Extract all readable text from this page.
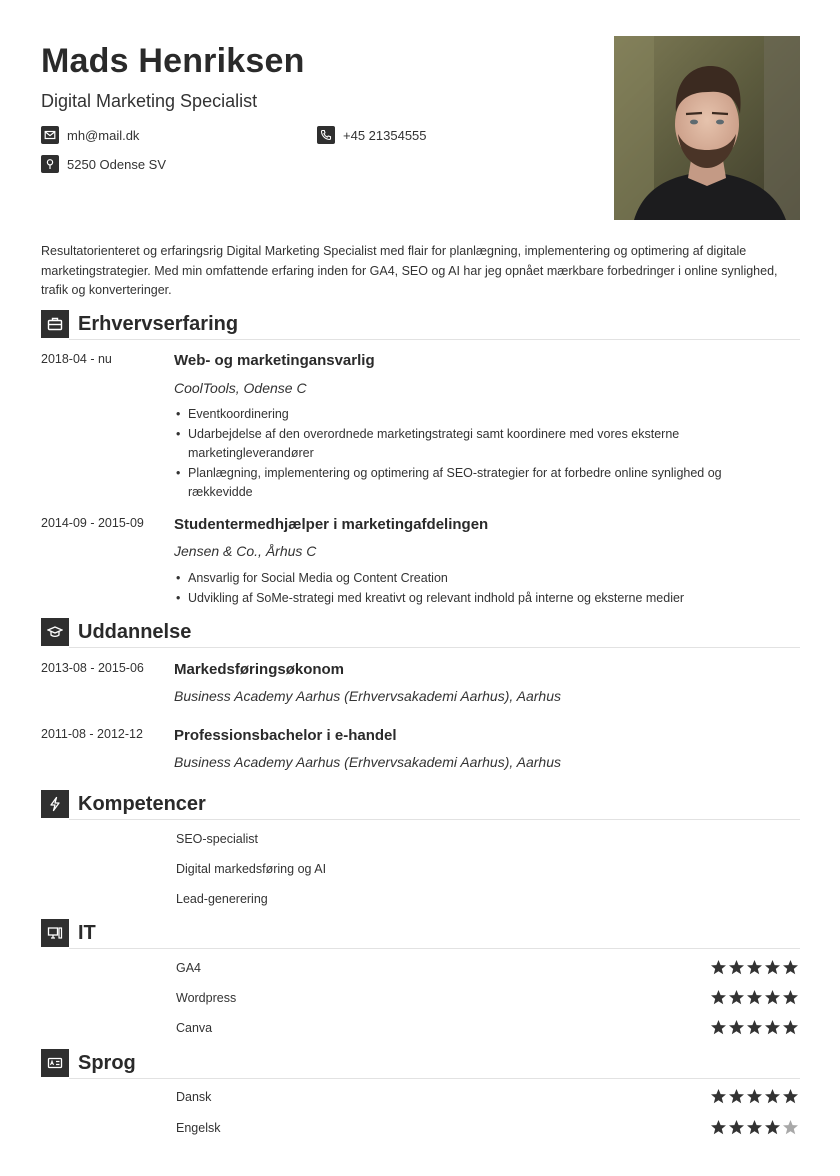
Mads Henriksen
Digital Marketing Specialist
mh@mail.dk	+45 21354555
5250 Odense SV
Resultatorienteret og erfaringsrig Digital Marketing Specialist med flair for planlægning, implementering og optimering af digitale marketingstrategier. Med min omfattende erfaring inden for GA4, SEO og AI har jeg opnået mærkbare forbedringer i online synlighed, trafik og konverteringer.
Erhvervserfaring
2018-04 - nu	Web- og marketingansvarlig
CoolTools, Odense C
• Eventkoordinering
• Udarbejdelse af den overordnede marketingstrategi samt koordinere med vores eksterne marketingleverandører
• Planlægning, implementering og optimering af SEO-strategier for at forbedre online synlighed og rækkevidde
2014-09 - 2015-09 Studentermedhjælper i marketingafdelingen
Jensen & Co., Århus C
• Ansvarlig for Social Media og Content Creation
• Udvikling af SoMe-strategi med kreativt og relevant indhold på interne og eksterne medier
Uddannelse
2013-08 - 2015-06 Markedsføringsøkonom
Business Academy Aarhus (Erhvervsakademi Aarhus), Aarhus
2011-08 - 2012-12 Professionsbachelor i e-handel
Business Academy Aarhus (Erhvervsakademi Aarhus), Aarhus
Kompetencer
SEO-specialist
Digital markedsføring og AI
Lead-generering
IT
GA4
Wordpress
Canva
Sprog
Dansk
Engelsk
